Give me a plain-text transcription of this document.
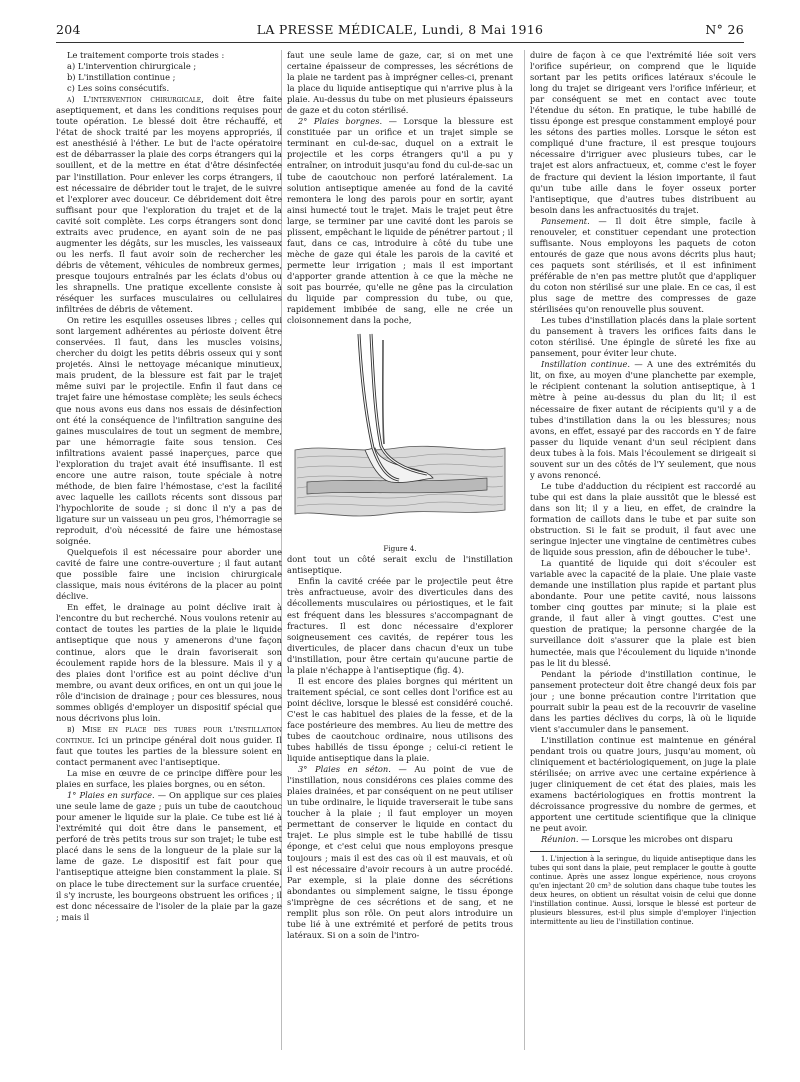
204	LA PRESSE MÉDICALE, Lundi, 8 Mai 1916	N° 26

Le traitement comporte trois stades :

a) L'intervention chirurgicale ;

b) L'instillation continue ;

c) Les soins consécutifs.

a) L'intervention chirurgicale, doit être faite aseptiquement, et dans les conditions requises pour toute opération. Le blessé doit être réchauffé, et l'état de shock traité par les moyens appropriés, il est anesthésié à l'éther. Le but de l'acte opératoire est de débarrasser la plaie des corps étrangers qui la souillent, et de la mettre en état d'être désinfectée par l'instillation. Pour enlever les corps étrangers, il est nécessaire de débrider tout le trajet, de le suivre et l'explorer avec douceur. Ce débridement doit être suffisant pour que l'exploration du trajet et de la cavité soit complète. Les corps étrangers sont donc extraits avec prudence, en ayant soin de ne pas augmenter les dégâts, sur les muscles, les vaisseaux ou les nerfs. Il faut avoir soin de rechercher les débris de vêtement, véhicules de nombreux germes, presque toujours entraînés par les éclats d'obus ou les shrapnells. Une pratique excellente consiste à réséquer les surfaces musculaires ou cellulaires infiltrées de débris de vêtement.

On retire les esquilles osseuses libres ; celles qui sont largement adhérentes au périoste doivent être conservées. Il faut, dans les muscles voisins, chercher du doigt les petits débris osseux qui y sont projetés. Ainsi le nettoyage mécanique minutieux, mais prudent, de la blessure est fait par le trajet même suivi par le projectile. Enfin il faut dans ce trajet faire une hémostase complète; les seuls échecs que nous avons eus dans nos essais de désinfection ont été la conséquence de l'infiltration sanguine des gaines musculaires de tout un segment de membre, par une hémorragie faite sous tension. Ces infiltrations avaient passé inaperçues, parce que l'exploration du trajet avait été insuffisante. Il est encore une autre raison, toute spéciale à notre méthode, de bien faire l'hémostase, c'est la facilité avec laquelle les caillots récents sont dissous par l'hypochlorite de soude ; si donc il n'y a pas de ligature sur un vaisseau un peu gros, l'hémorragie se reproduit, d'où nécessité de faire une hémostase soignée.

Quelquefois il est nécessaire pour aborder une cavité de faire une contre-ouverture ; il faut autant que possible faire une incision chirurgicale classique, mais nous évitérons de la placer au point déclive.

En effet, le drainage au point déclive irait à l'encontre du but recherché. Nous voulons retenir au contact de toutes les parties de la plaie le liquide antiseptique que nous y amenerons d'une façon continue, alors que le drain favoriserait son écoulement rapide hors de la blessure. Mais il y a des plaies dont l'orifice est au point déclive d'un membre, ou avant deux orifices, en ont un qui joue le rôle d'incision de drainage ; pour ces blessures, nous sommes obligés d'employer un dispositif spécial que nous décrivons plus loin.

b) Mise en place des tubes pour l'instillation continue. Ici un principe général doit nous guider. Il faut que toutes les parties de la blessure soient en contact permanent avec l'antiseptique.

La mise en œuvre de ce principe diffère pour les plaies en surface, les plaies borgnes, ou en séton.

1° Plaies en surface. — On applique sur ces plaies une seule lame de gaze ; puis un tube de caoutchouc pour amener le liquide sur la plaie. Ce tube est lié à l'extrémité qui doit être dans le pansement, et perforé de très petits trous sur son trajet; le tube est placé dans le sens de la longueur de la plaie sur la lame de gaze. Le dispositif est fait pour que l'antiseptique atteigne bien constamment la plaie. Si on place le tube directement sur la surface cruentée, il s'y incruste, les bourgeons obstruent les orifices ; il est donc nécessaire de l'isoler de la plaie par la gaze ; mais il

faut une seule lame de gaze, car, si on met une certaine épaisseur de compresses, les sécrétions de la plaie ne tardent pas à imprégner celles-ci, prenant la place du liquide antiseptique qui n'arrive plus à la plaie. Au-dessus du tube on met plusieurs épaisseurs de gaze et du coton stérilisé.

2° Plaies borgnes. — Lorsque la blessure est constituée par un orifice et un trajet simple se terminant en cul-de-sac, duquel on a extrait le projectile et les corps étrangers qu'il a pu y entraîner, on introduit jusqu'au fond du cul-de-sac un tube de caoutchouc non perforé latéralement. La solution antiseptique amenée au fond de la cavité remontera le long des parois pour en sortir, ayant ainsi humecté tout le trajet. Mais le trajet peut être large, se terminer par une cavité dont les parois se plissent, empêchant le liquide de pénétrer partout ; il faut, dans ce cas, introduire à côté du tube une mèche de gaze qui étale les parois de la cavité et permette leur irrigation ; mais il est important d'apporter grande attention à ce que la mèche ne soit pas bourrée, qu'elle ne gêne pas la circulation du liquide par compression du tube, ou que, rapidement imbibée de sang, elle ne crée un cloisonnement dans la poche,

Figure 4.

dont tout un côté serait exclu de l'instillation antiseptique.

Enfin la cavité créée par le projectile peut être très anfractueuse, avoir des diverticules dans des décollements musculaires ou périostiques, et le fait est fréquent dans les blessures s'accompagnant de fractures. Il est donc nécessaire d'explorer soigneusement ces cavités, de repérer tous les diverticules, de placer dans chacun d'eux un tube d'instillation, pour être certain qu'aucune partie de la plaie n'échappe à l'antiseptique (fig. 4).

Il est encore des plaies borgnes qui méritent un traitement spécial, ce sont celles dont l'orifice est au point déclive, lorsque le blessé est considéré couché. C'est le cas habituel des plaies de la fesse, et de la face postérieure des membres. Au lieu de mettre des tubes de caoutchouc ordinaire, nous utilisons des tubes habillés de tissu éponge ; celui-ci retient le liquide antiseptique dans la plaie.

3° Plaies en séton. — Au point de vue de l'instillation, nous considérons ces plaies comme des plaies drainées, et par conséquent on ne peut utiliser un tube ordinaire, le liquide traverserait le tube sans toucher à la plaie ; il faut employer un moyen permettant de conserver le liquide en contact du trajet. Le plus simple est le tube habillé de tissu éponge, et c'est celui que nous employons presque toujours ; mais il est des cas où il est mauvais, et où il est nécessaire d'avoir recours à un autre procédé. Par exemple, si la plaie donne des sécrétions abondantes ou simplement saigne, le tissu éponge s'imprègne de ces sécrétions et de sang, et ne remplit plus son rôle. On peut alors introduire un tube lié à une extrémité et perforé de petits trous latéraux. Si on a soin de l'intro-

duire de façon à ce que l'extrémité liée soit vers l'orifice supérieur, on comprend que le liquide sortant par les petits orifices latéraux s'écoule le long du trajet se dirigeant vers l'orifice inférieur, et par conséquent se met en contact avec toute l'étendue du séton. En pratique, le tube habillé de tissu éponge est presque constamment employé pour les sétons des parties molles. Lorsque le séton est compliqué d'une fracture, il est presque toujours nécessaire d'irriguer avec plusieurs tubes, car le trajet est alors anfractueux, et, comme c'est le foyer de fracture qui devient la lésion importante, il faut qu'un tube aille dans le foyer osseux porter l'antiseptique, que d'autres tubes distribuent au besoin dans les anfractuosités du trajet.

Pansement. — Il doit être simple, facile à renouveler, et constituer cependant une protection suffisante. Nous employons les paquets de coton entourés de gaze que nous avons décrits plus haut; ces paquets sont stérilisés, et il est infiniment préférable de n'en pas mettre plutôt que d'appliquer du coton non stérilisé sur une plaie. En ce cas, il est plus sage de mettre des compresses de gaze stérilisées qu'on renouvelle plus souvent.

Les tubes d'instillation placés dans la plaie sortent du pansement à travers les orifices faits dans le coton stérilisé. Une épingle de sûreté les fixe au pansement, pour éviter leur chute.

Instillation continue. — A une des extrémités du lit, on fixe, au moyen d'une planchette par exemple, le récipient contenant la solution antiseptique, à 1 mètre à peine au-dessus du plan du lit; il est nécessaire de fixer autant de récipients qu'il y a de tubes d'instillation dans la ou les blessures; nous avons, en effet, essayé par des raccords en Y de faire passer du liquide venant d'un seul récipient dans deux tubes à la fois. Mais l'écoulement se dirigeait si souvent sur un des côtés de l'Y seulement, que nous y avons renoncé.

Le tube d'adduction du récipient est raccordé au tube qui est dans la plaie aussitôt que le blessé est dans son lit; il y a lieu, en effet, de craindre la formation de caillots dans le tube et par suite son obstruction. Si le fait se produit, il faut avec une seringue injecter une vingtaine de centimètres cubes de liquide sous pression, afin de déboucher le tube¹.

La quantité de liquide qui doit s'écouler est variable avec la capacité de la plaie. Une plaie vaste demande une instillation plus rapide et partant plus abondante. Pour une petite cavité, nous laissons tomber cinq gouttes par minute; si la plaie est grande, il faut aller à vingt gouttes. C'est une question de pratique; la personne chargée de la surveillance doit s'assurer que la plaie est bien humectée, mais que l'écoulement du liquide n'inonde pas le lit du blessé.

Pendant la période d'instillation continue, le pansement protecteur doit être changé deux fois par jour ; une bonne précaution contre l'irritation que pourrait subir la peau est de la recouvrir de vaseline dans les parties déclives du corps, là où le liquide vient s'accumuler dans le pansement.

L'instillation continue est maintenue en général pendant trois ou quatre jours, jusqu'au moment, où cliniquement et bactériologiquement, on juge la plaie stérilisée; on arrive avec une certaine expérience à juger cliniquement de cet état des plaies, mais les examens bactériologiques en frottis montrent la décroissance progressive du nombre de germes, et apportent une certitude scientifique que la clinique ne peut avoir.

Réunion. — Lorsque les microbes ont disparu

1. L'injection à la seringue, du liquide antiseptique dans les tubes qui sont dans la plaie, peut remplacer le goutte à goutte continue. Après une assez longue expérience, nous croyons qu'en injectant 20 cm³ de solution dans chaque tube toutes les deux heures, on obtient un résultat voisin de celui que donne l'instillation continue. Aussi, lorsque le blessé est porteur de plusieurs blessures, est-il plus simple d'employer l'injection intermittente au lieu de l'instillation continue.
